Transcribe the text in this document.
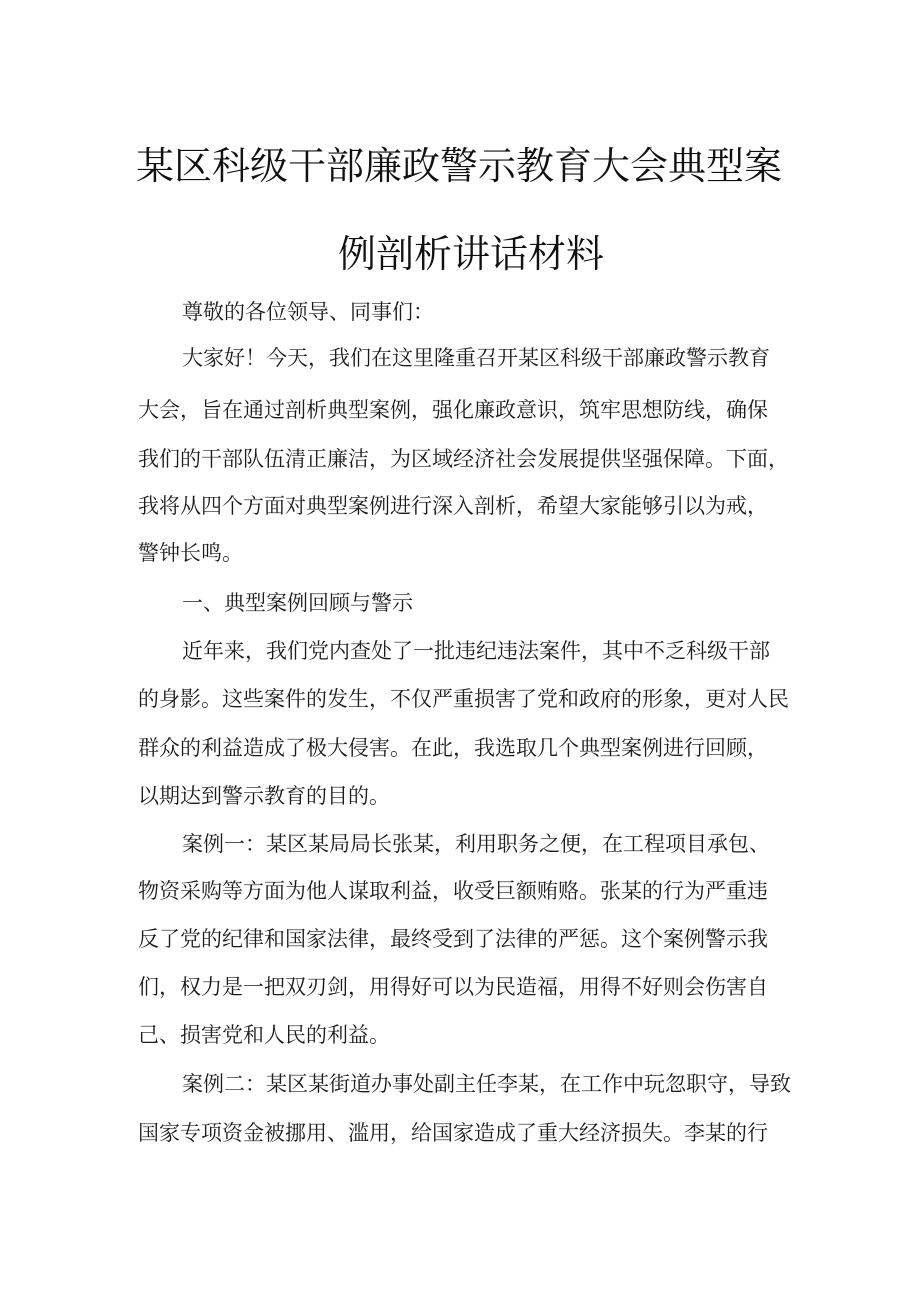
某区科级干部廉政警示教育大会典型案
例剖析讲话材料
尊敬的各位领导、同事们：
大家好！今天，我们在这里隆重召开某区科级干部廉政警示教育
大会，旨在通过剖析典型案例，强化廉政意识，筑牢思想防线，确保
我们的干部队伍清正廉洁，为区域经济社会发展提供坚强保障。下面，
我将从四个方面对典型案例进行深入剖析，希望大家能够引以为戒，
警钟长鸣。
一、典型案例回顾与警示
近年来，我们党内查处了一批违纪违法案件，其中不乏科级干部
的身影。这些案件的发生，不仅严重损害了党和政府的形象，更对人民
群众的利益造成了极大侵害。在此，我选取几个典型案例进行回顾，
以期达到警示教育的目的。
案例一：某区某局局长张某，利用职务之便，在工程项目承包、
物资采购等方面为他人谋取利益，收受巨额贿赂。张某的行为严重违
反了党的纪律和国家法律，最终受到了法律的严惩。这个案例警示我
们，权力是一把双刃剑，用得好可以为民造福，用得不好则会伤害自
己、损害党和人民的利益。
案例二：某区某街道办事处副主任李某，在工作中玩忽职守，导致
国家专项资金被挪用、滥用，给国家造成了重大经济损失。李某的行
